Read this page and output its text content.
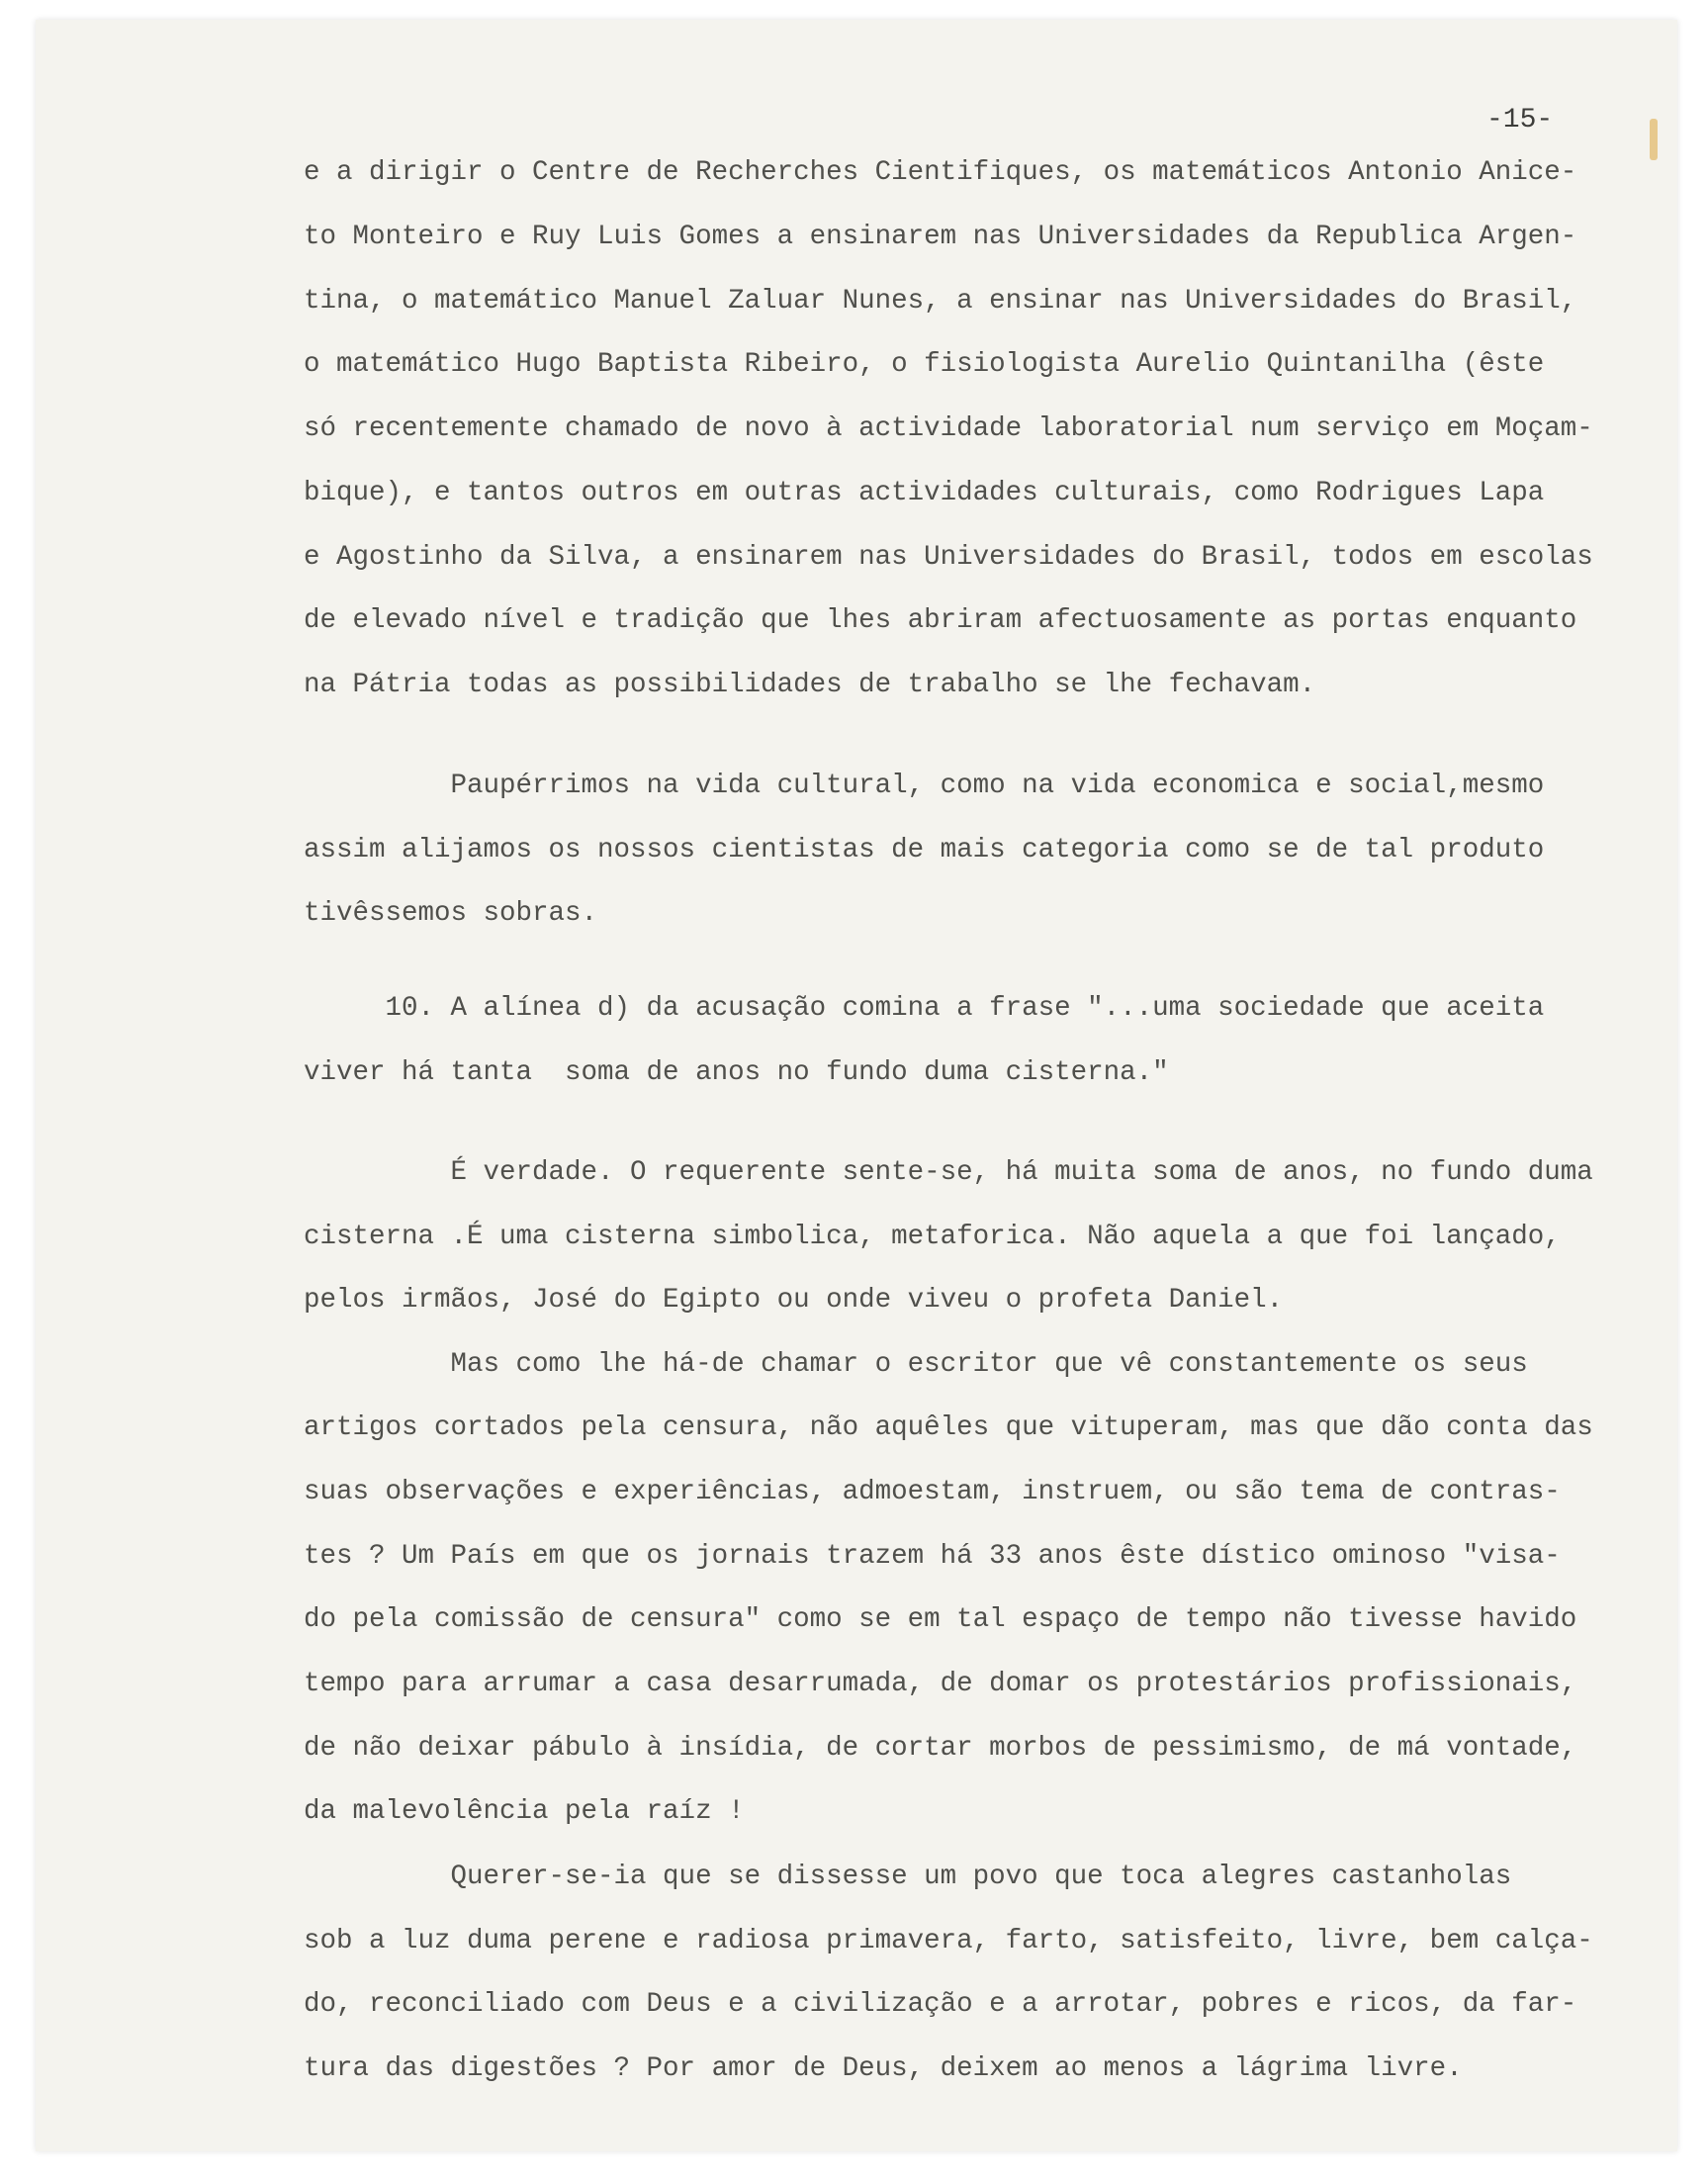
-15-

e a dirigir o Centre de Recherches Cientifiques, os matemáticos Antonio Anice-

to Monteiro e Ruy Luis Gomes a ensinarem nas Universidades da Republica Argen-

tina, o matemático Manuel Zaluar Nunes, a ensinar nas Universidades do Brasil,

o matemático Hugo Baptista Ribeiro, o fisiologista Aurelio Quintanilha (êste

só recentemente chamado de novo à actividade laboratorial num serviço em Moçam-

bique), e tantos outros em outras actividades culturais, como Rodrigues Lapa

e Agostinho da Silva, a ensinarem nas Universidades do Brasil, todos em escolas

de elevado nível e tradição que lhes abriram afectuosamente as portas enquanto

na Pátria todas as possibilidades de trabalho se lhe fechavam.

Paupérrimos na vida cultural, como na vida economica e social,mesmo

assim alijamos os nossos cientistas de mais categoria como se de tal produto

tivêssemos sobras.

10. A alínea d) da acusação comina a frase "...uma sociedade que aceita

viver há tanta  soma de anos no fundo duma cisterna."

É verdade. O requerente sente-se, há muita soma de anos, no fundo duma

cisterna .É uma cisterna simbolica, metaforica. Não aquela a que foi lançado,

pelos irmãos, José do Egipto ou onde viveu o profeta Daniel.

Mas como lhe há-de chamar o escritor que vê constantemente os seus

artigos cortados pela censura, não aquêles que vituperam, mas que dão conta das

suas observações e experiências, admoestam, instruem, ou são tema de contras-

tes ? Um País em que os jornais trazem há 33 anos êste dístico ominoso "visa-

do pela comissão de censura" como se em tal espaço de tempo não tivesse havido

tempo para arrumar a casa desarrumada, de domar os protestários profissionais,

de não deixar pábulo à insídia, de cortar morbos de pessimismo, de má vontade,

da malevolência pela raíz !

Querer-se-ia que se dissesse um povo que toca alegres castanholas

sob a luz duma perene e radiosa primavera, farto, satisfeito, livre, bem calça-

do, reconciliado com Deus e a civilização e a arrotar, pobres e ricos, da far-

tura das digestões ? Por amor de Deus, deixem ao menos a lágrima livre.
